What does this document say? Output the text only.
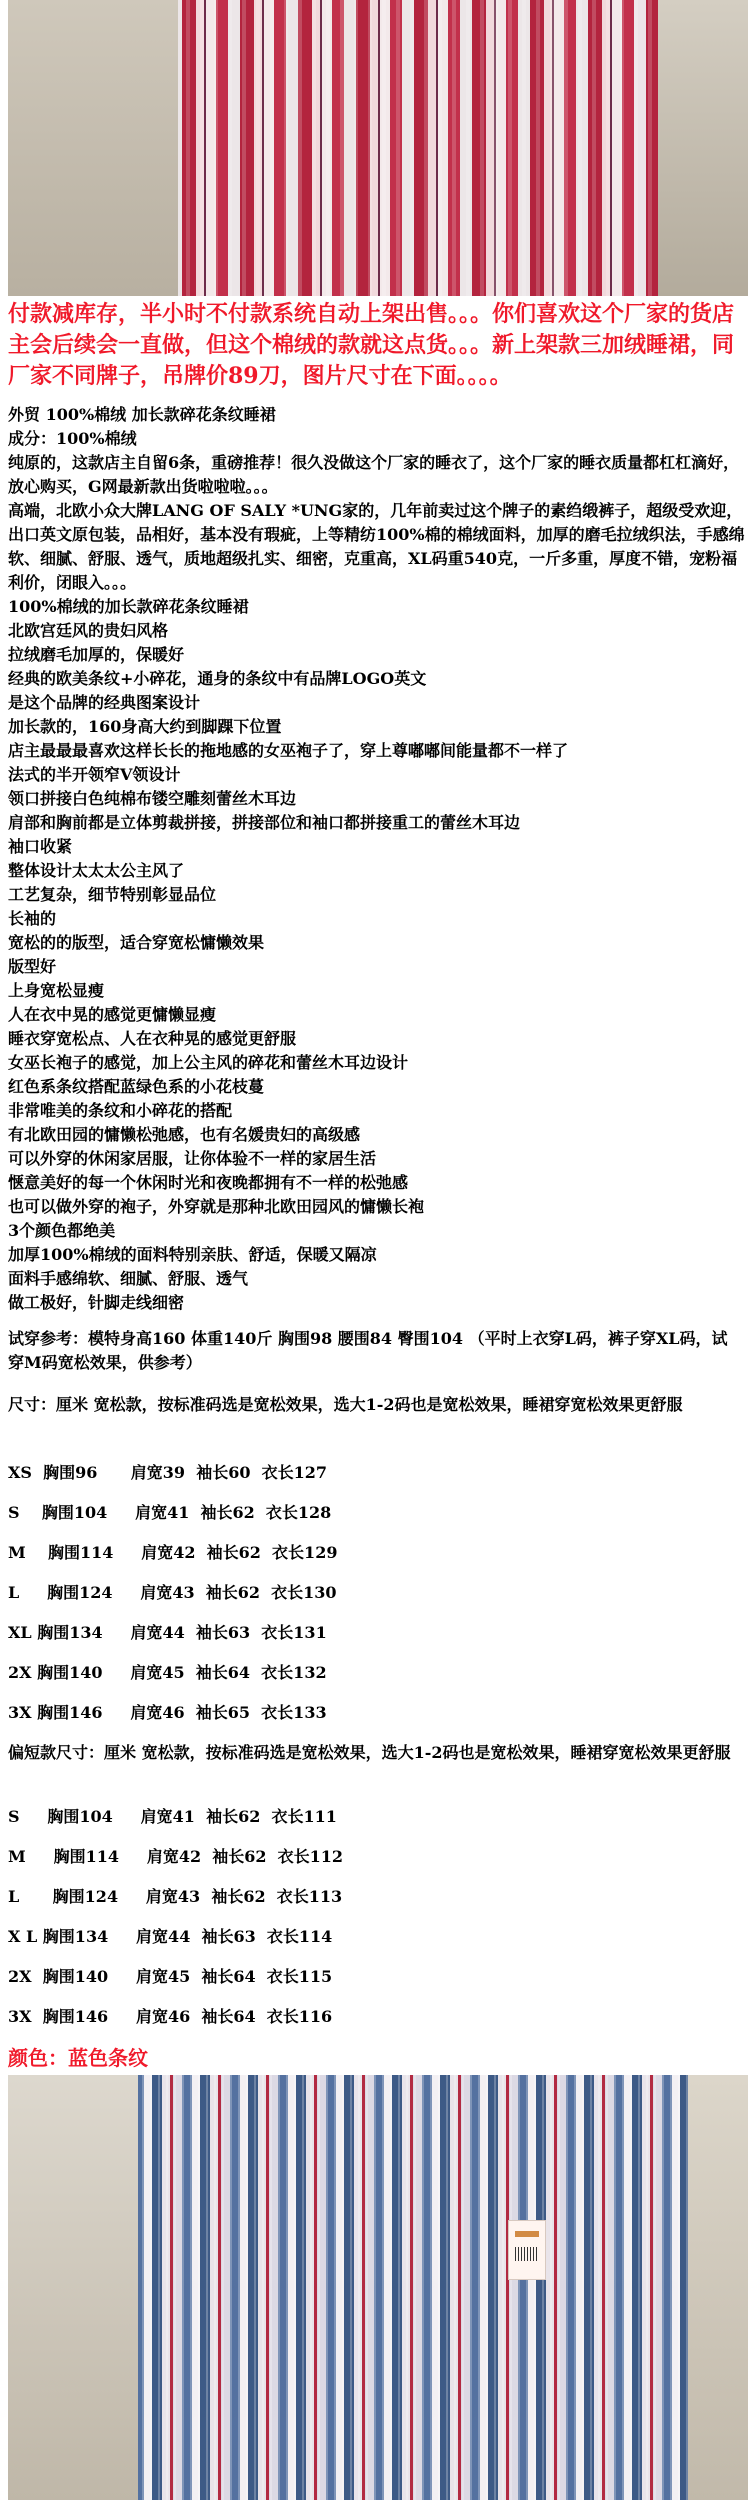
付款减库存，半小时不付款系统自动上架出售。。。你们喜欢这个厂家的货店主会后续会一直做，但这个棉绒的款就这点货。。。新上架款三加绒睡裙，同厂家不同牌子，吊牌价89刀，图片尺寸在下面。。。。

外贸 100%棉绒 加长款碎花条纹睡裙

成分：100%棉绒

纯原的，这款店主自留6条，重磅推荐！很久没做这个厂家的睡衣了，这个厂家的睡衣质量都杠杠滴好，放心购买，G网最新款出货啦啦啦。。。

高端，北欧小众大牌LANG OF SALY *UNG家的，几年前卖过这个牌子的素绉缎裤子，超级受欢迎，出口英文原包装，品相好，基本没有瑕疵，上等精纺100%棉的棉绒面料，加厚的磨毛拉绒织法，手感绵软、细腻、舒服、透气，质地超级扎实、细密，克重高，XL码重540克，一斤多重，厚度不错，宠粉福利价，闭眼入。。。

100%棉绒的加长款碎花条纹睡裙

北欧宫廷风的贵妇风格

拉绒磨毛加厚的，保暖好

经典的欧美条纹+小碎花，通身的条纹中有品牌LOGO英文

是这个品牌的经典图案设计

加长款的，160身高大约到脚踝下位置

店主最最最喜欢这样长长的拖地感的女巫袍子了，穿上尊嘟嘟间能量都不一样了

法式的半开领窄V领设计

领口拼接白色纯棉布镂空雕刻蕾丝木耳边

肩部和胸前都是立体剪裁拼接，拼接部位和袖口都拼接重工的蕾丝木耳边

袖口收紧

整体设计太太太公主风了

工艺复杂，细节特别彰显品位

长袖的

宽松的的版型，适合穿宽松慵懒效果

版型好

上身宽松显瘦

人在衣中晃的感觉更慵懒显瘦

睡衣穿宽松点、人在衣种晃的感觉更舒服

女巫长袍子的感觉，加上公主风的碎花和蕾丝木耳边设计

红色系条纹搭配蓝绿色系的小花枝蔓

非常唯美的条纹和小碎花的搭配

有北欧田园的慵懒松弛感，也有名媛贵妇的高级感

可以外穿的休闲家居服，让你体验不一样的家居生活

惬意美好的每一个休闲时光和夜晚都拥有不一样的松弛感

也可以做外穿的袍子，外穿就是那种北欧田园风的慵懒长袍

3个颜色都绝美

加厚100%棉绒的面料特别亲肤、舒适，保暖又隔凉

面料手感绵软、细腻、舒服、透气

做工极好，针脚走线细密

试穿参考：模特身高160 体重140斤 胸围98 腰围84 臀围104 （平时上衣穿L码，裤子穿XL码，试穿M码宽松效果，供参考）

尺寸：厘米 宽松款，按标准码选是宽松效果，选大1-2码也是宽松效果，睡裙穿宽松效果更舒服

XS  胸围96      肩宽39  袖长60  衣长127

S    胸围104     肩宽41  袖长62  衣长128

M    胸围114     肩宽42  袖长62  衣长129

L     胸围124     肩宽43  袖长62  衣长130

XL 胸围134     肩宽44  袖长63  衣长131

2X 胸围140     肩宽45  袖长64  衣长132

3X 胸围146     肩宽46  袖长65  衣长133

偏短款尺寸：厘米 宽松款，按标准码选是宽松效果，选大1-2码也是宽松效果，睡裙穿宽松效果更舒服

S     胸围104     肩宽41  袖长62  衣长111

M     胸围114     肩宽42  袖长62  衣长112

L      胸围124     肩宽43  袖长62  衣长113

X L 胸围134     肩宽44  袖长63  衣长114

2X  胸围140     肩宽45  袖长64  衣长115

3X  胸围146     肩宽46  袖长64  衣长116

颜色：蓝色条纹
